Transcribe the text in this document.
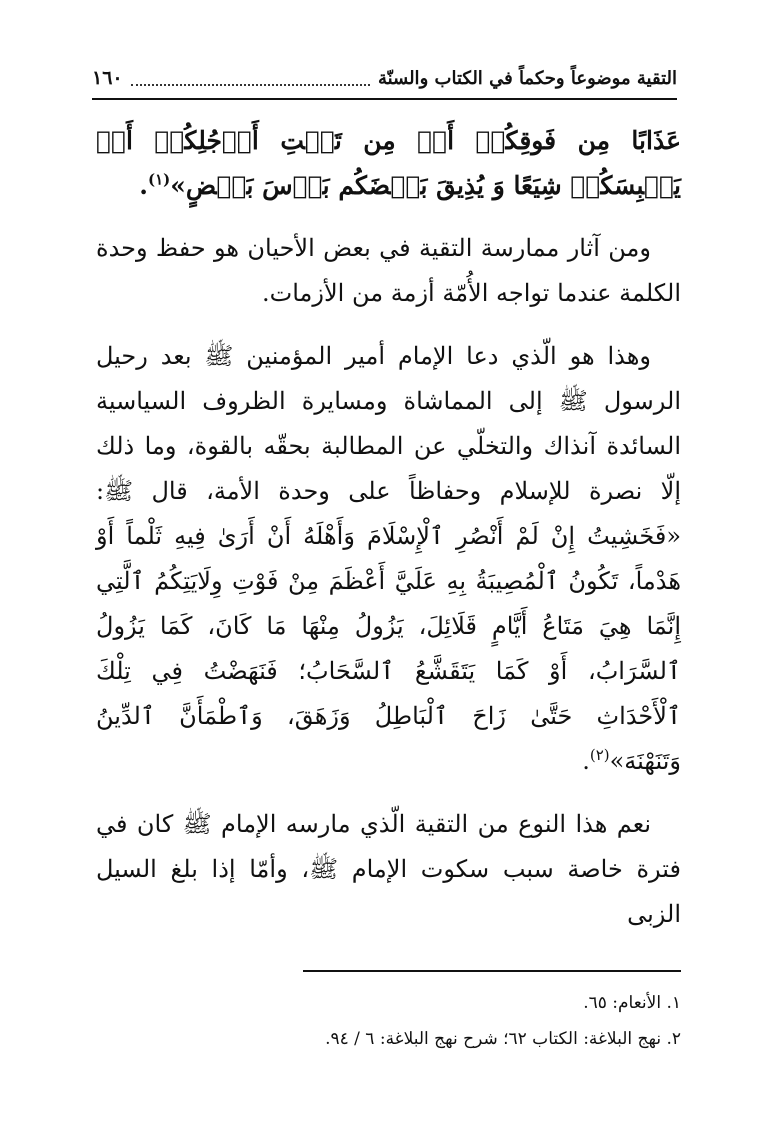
التقية موضوعاً وحكماً في الكتاب والسنّة
١٦٠

عَذَابًا مِن فَوقِكُمۡ أَوۡ مِن تَحۡتِ أَرۡجُلِكُمۡ أَوۡ يَلۡبِسَكُمۡ شِيَعًا وَ يُذِيقَ بَعۡضَكُم بَأۡسَ بَعۡضٍ»$^{(١)}$.

ومن آثار ممارسة التقية في بعض الأحيان هو حفظ وحدة الكلمة عندما تواجه الأُمّة أزمة من الأزمات.

وهذا هو الّذي دعا الإمام أمير المؤمنين ﷺ بعد رحيل الرسول ﷺ إلى المماشاة ومسايرة الظروف السياسية السائدة آنذاك والتخلّي عن المطالبة بحقّه بالقوة، وما ذلك إلّا نصرة للإسلام وحفاظاً على وحدة الأمة، قال ﷺ: «فَخَشِيتُ إِنْ لَمْ أَنْصُرِ ٱلْإِسْلَامَ وَأَهْلَهُ أَنْ أَرَىٰ فِيهِ ثَلْماً أَوْ هَدْماً، تَكُونُ ٱلْمُصِيبَةُ بِهِ عَلَيَّ أَعْظَمَ مِنْ فَوْتِ وِلَايَتِكُمُ ٱلَّتِي إِنَّمَا هِيَ مَتَاعُ أَيَّامٍ قَلَائِلَ، يَزُولُ مِنْهَا مَا كَانَ، كَمَا يَزُولُ ٱلسَّرَابُ، أَوْ كَمَا يَتَقَشَّعُ ٱلسَّحَابُ؛ فَنَهَضْتُ فِي تِلْكَ ٱلْأَحْدَاثِ حَتَّىٰ زَاحَ ٱلْبَاطِلُ وَزَهَقَ، وَٱطْمَأَنَّ ٱلدِّينُ وَتَنَهْنَهَ»$^{(٢)}$.

نعم هذا النوع من التقية الّذي مارسه الإمام ﷺ كان في فترة خاصة سبب سكوت الإمام ﷺ، وأمّا إذا بلغ السيل الزبى

١. الأنعام: ٦٥.

٢. نهج البلاغة: الكتاب ٦٢؛ شرح نهج البلاغة: ٦ / ٩٤.
